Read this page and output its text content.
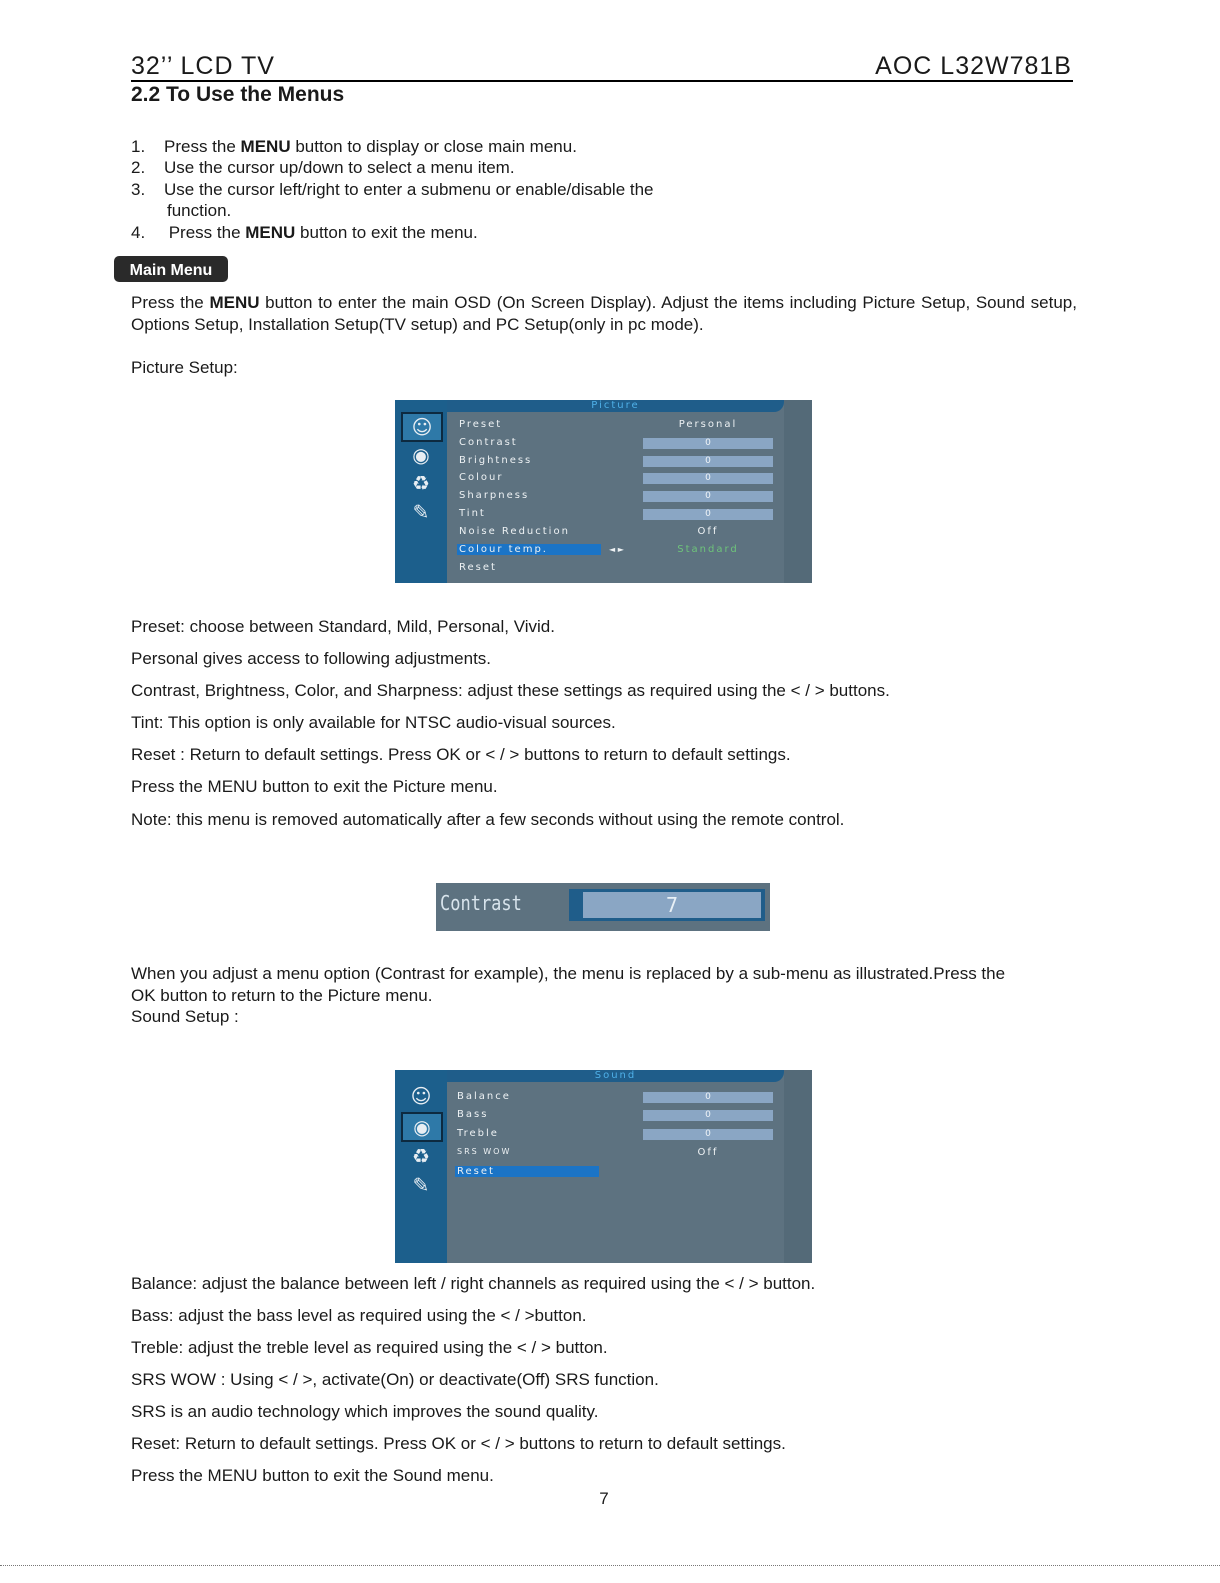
32’’ LCD TV	AOC L32W781B
2.2 To Use the Menus
1. Press the MENU button to display or close main menu.
2. Use the cursor up/down to select a menu item.
3. Use the cursor left/right to enter a submenu or enable/disable the
function.
4. Press the MENU button to exit the menu.
Main Menu
Press the MENU button to enter the main OSD (On Screen Display). Adjust the items including Picture Setup, Sound setup, Options Setup, Installation Setup(TV setup) and PC Setup(only in pc mode).
Picture Setup:
Picture
☺
◉
♻
✎
Preset	Personal
Contrast	0
Brightness	0
Colour	0
Sharpness	0
Tint	0
Noise Reduction	Off
Colour temp.	◄ ►	Standard
Reset
Preset: choose between Standard, Mild, Personal, Vivid.
Personal gives access to following adjustments.
Contrast, Brightness, Color, and Sharpness: adjust these settings as required using the < / > buttons.
Tint: This option is only available for NTSC audio-visual sources.
Reset : Return to default settings. Press OK or < / > buttons to return to default settings.
Press the MENU button to exit the Picture menu.
Note: this menu is removed automatically after a few seconds without using the remote control.
Contrast	7
When you adjust a menu option (Contrast for example), the menu is replaced by a sub-menu as illustrated.Press the
OK button to return to the Picture menu.
Sound Setup :
Sound
☺
◉
♻
✎
Balance	0
Bass	0
Treble	0
SRS WOW	Off
Reset
Balance: adjust the balance between left / right channels as required using the < / > button.
Bass: adjust the bass level as required using the < / >button.
Treble: adjust the treble level as required using the < / > button.
SRS WOW : Using < / >, activate(On) or deactivate(Off) SRS function.
SRS is an audio technology which improves the sound quality.
Reset: Return to default settings. Press OK or < / > buttons to return to default settings.
Press the MENU button to exit the Sound menu.
7
